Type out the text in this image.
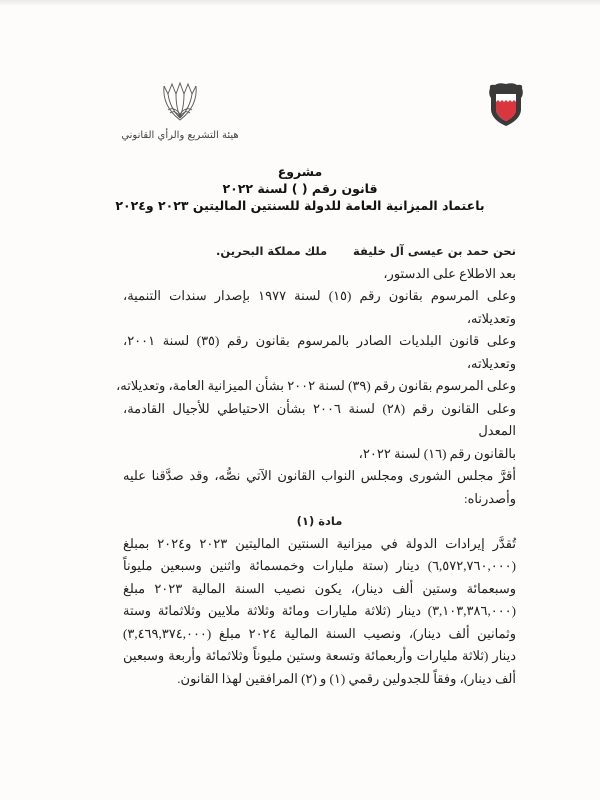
هيئة التشريع والرأي القانوني
مشروع
قانون رقم ( ) لسنة ٢٠٢٢
باعتماد الميزانية العامة للدولة للسنتين الماليتين ٢٠٢٣ و٢٠٢٤
نحن حمد بن عيسى آل خليفة
ملك مملكة البحرين.
بعد الاطلاع على الدستور،
وعلى المرسوم بقانون رقم (١٥) لسنة ١٩٧٧ بإصدار سندات التنمية،
وتعديلاته،
وعلى قانون البلديات الصادر بالمرسوم بقانون رقم (٣٥) لسنة ٢٠٠١،
وتعديلاته،
وعلى المرسوم بقانون رقم (٣٩) لسنة ٢٠٠٢ بشأن الميزانية العامة، وتعديلاته،
وعلى القانون رقم (٢٨) لسنة ٢٠٠٦ بشأن الاحتياطي للأجيال القادمة، المعدل
بالقانون رقم (١٦) لسنة ٢٠٢٢،
أقرَّ مجلس الشورى ومجلس النواب القانون الآتي نصُّه، وقد صدَّقنا عليه
وأصدرناه:
مادة (١)
تُقدَّر إيرادات الدولة في ميزانية السنتين الماليتين ٢٠٢٣ و٢٠٢٤ بمبلغ
(٦,٥٧٢,٧٦٠,٠٠٠) دينار (ستة مليارات وخمسمائة واثنين وسبعين مليوناً
وسبعمائة وستين ألف دينار)، يكون نصيب السنة المالية ٢٠٢٣ مبلغ
(٣,١٠٣,٣٨٦,٠٠٠) دينار (ثلاثة مليارات ومائة وثلاثة ملايين وثلاثمائة وستة
وثمانين ألف دينار)، ونصيب السنة المالية ٢٠٢٤ مبلغ (٣,٤٦٩,٣٧٤,٠٠٠)
دينار (ثلاثة مليارات وأربعمائة وتسعة وستين مليوناً وثلاثمائة وأربعة وسبعين
ألف دينار)، وفقاً للجدولين رقمي (١) و (٢) المرافقين لهذا القانون.
